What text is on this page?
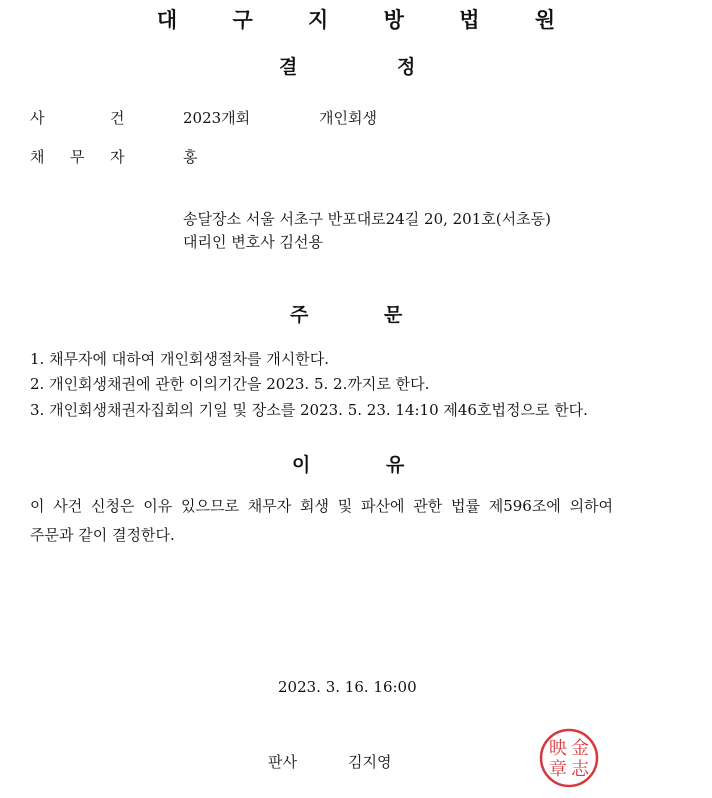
대 구 지 방 법 원
결	정
사	건	2023개회	개인회생
채 무 자	홍
송달장소 서울 서초구 반포대로24길 20, 201호(서초동)
대리인 변호사 김선용
주	문
1. 채무자에 대하여 개인회생절차를 개시한다.
2. 개인회생채권에 관한 이의기간을 2023. 5. 2.까지로 한다.
3. 개인회생채권자집회의 기일 및 장소를 2023. 5. 23. 14:10 제46호법정으로 한다.
이	유
이 사건 신청은 이유 있으므로 채무자 회생 및 파산에 관한 법률 제596조에 의하여
주문과 같이 결정한다.
2023. 3. 16. 16:00
판사	김지영
金
志
映
章
